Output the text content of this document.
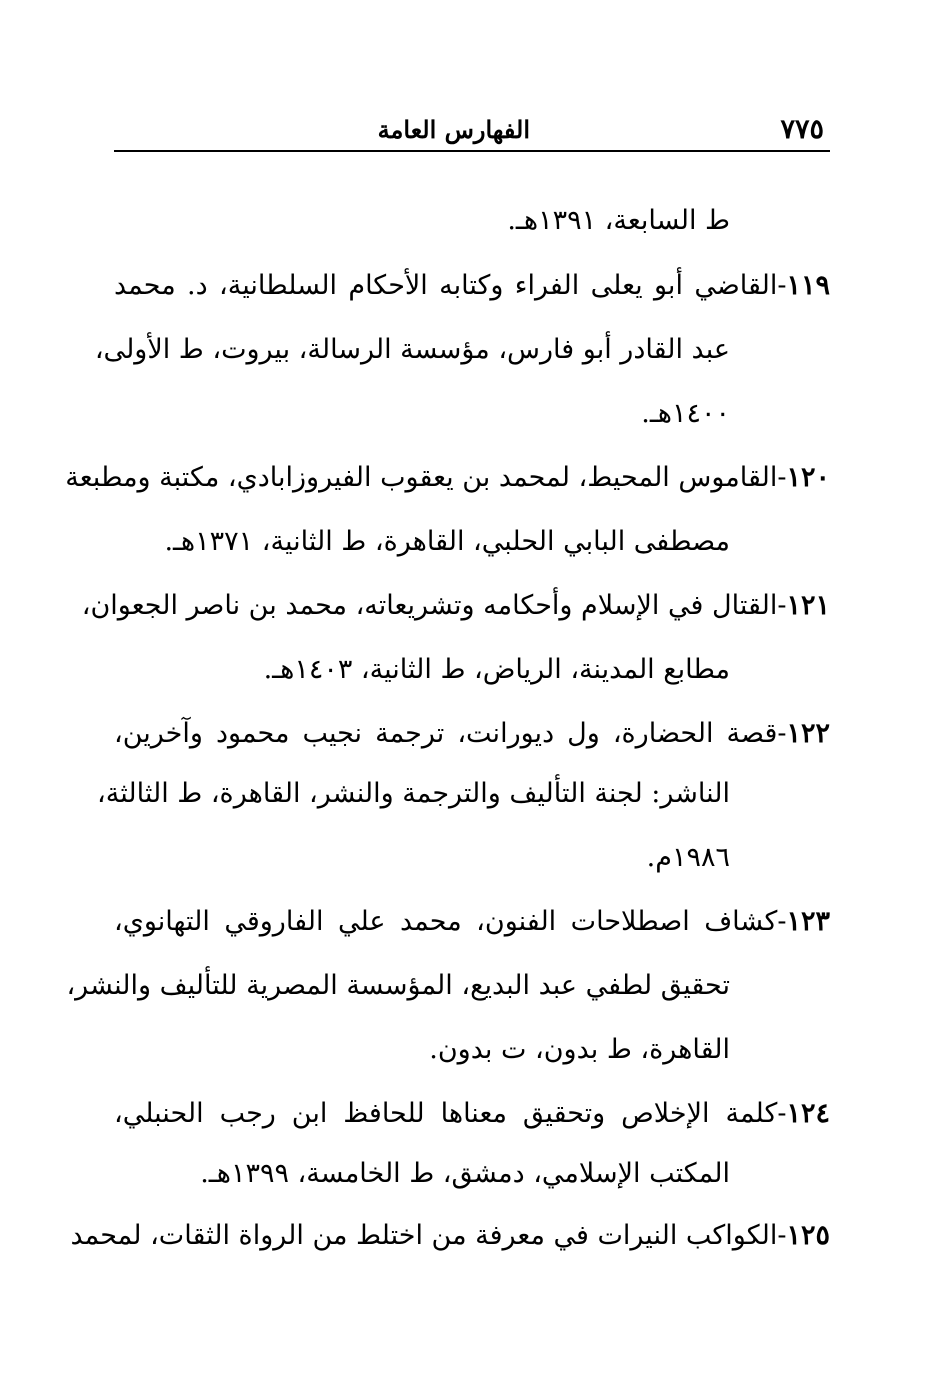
٧٧٥
الفهارس العامة
ط السابعة، ١٣٩١هـ.
١١٩-القاضي أبو يعلى الفراء وكتابه الأحكام السلطانية، د. محمد
عبد القادر أبو فارس، مؤسسة الرسالة، بيروت، ط الأولى،
١٤٠٠هـ.
١٢٠-القاموس المحيط، لمحمد بن يعقوب الفيروزابادي، مكتبة ومطبعة
مصطفى البابي الحلبي، القاهرة، ط الثانية، ١٣٧١هـ.
١٢١-القتال في الإسلام وأحكامه وتشريعاته، محمد بن ناصر الجعوان،
مطابع المدينة، الرياض، ط الثانية، ١٤٠٣هـ.
١٢٢-قصة الحضارة، ول ديورانت، ترجمة نجيب محمود وآخرين،
الناشر: لجنة التأليف والترجمة والنشر، القاهرة، ط الثالثة،
١٩٨٦م.
١٢٣-كشاف اصطلاحات الفنون، محمد علي الفاروقي التهانوي،
تحقيق لطفي عبد البديع، المؤسسة المصرية للتأليف والنشر،
القاهرة، ط بدون، ت بدون.
١٢٤-كلمة الإخلاص وتحقيق معناها للحافظ ابن رجب الحنبلي،
المكتب الإسلامي، دمشق، ط الخامسة، ١٣٩٩هـ.
١٢٥-الكواكب النيرات في معرفة من اختلط من الرواة الثقات، لمحمد
